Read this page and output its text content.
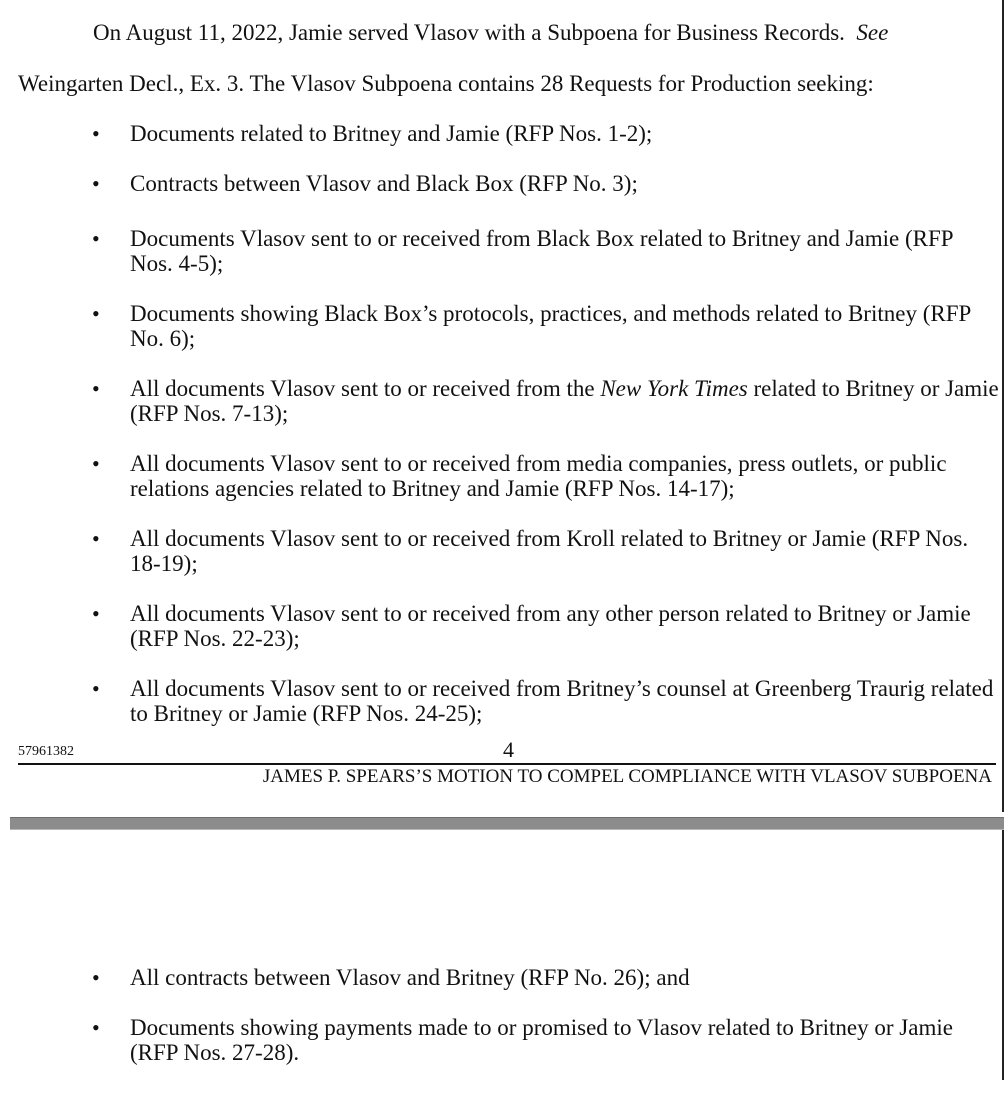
On August 11, 2022, Jamie served Vlasov with a Subpoena for Business Records. See
Weingarten Decl., Ex. 3. The Vlasov Subpoena contains 28 Requests for Production seeking:
• Documents related to Britney and Jamie (RFP Nos. 1-2);
• Contracts between Vlasov and Black Box (RFP No. 3);
• Documents Vlasov sent to or received from Black Box related to Britney and Jamie (RFP Nos. 4-5);
• Documents showing Black Box’s protocols, practices, and methods related to Britney (RFP No. 6);
• All documents Vlasov sent to or received from the New York Times related to Britney or Jamie (RFP Nos. 7-13);
• All documents Vlasov sent to or received from media companies, press outlets, or public relations agencies related to Britney and Jamie (RFP Nos. 14-17);
• All documents Vlasov sent to or received from Kroll related to Britney or Jamie (RFP Nos. 18-19);
• All documents Vlasov sent to or received from any other person related to Britney or Jamie (RFP Nos. 22-23);
• All documents Vlasov sent to or received from Britney’s counsel at Greenberg Traurig related to Britney or Jamie (RFP Nos. 24-25);
57961382	4
JAMES P. SPEARS’S MOTION TO COMPEL COMPLIANCE WITH VLASOV SUBPOENA
• All contracts between Vlasov and Britney (RFP No. 26); and
• Documents showing payments made to or promised to Vlasov related to Britney or Jamie (RFP Nos. 27-28).
